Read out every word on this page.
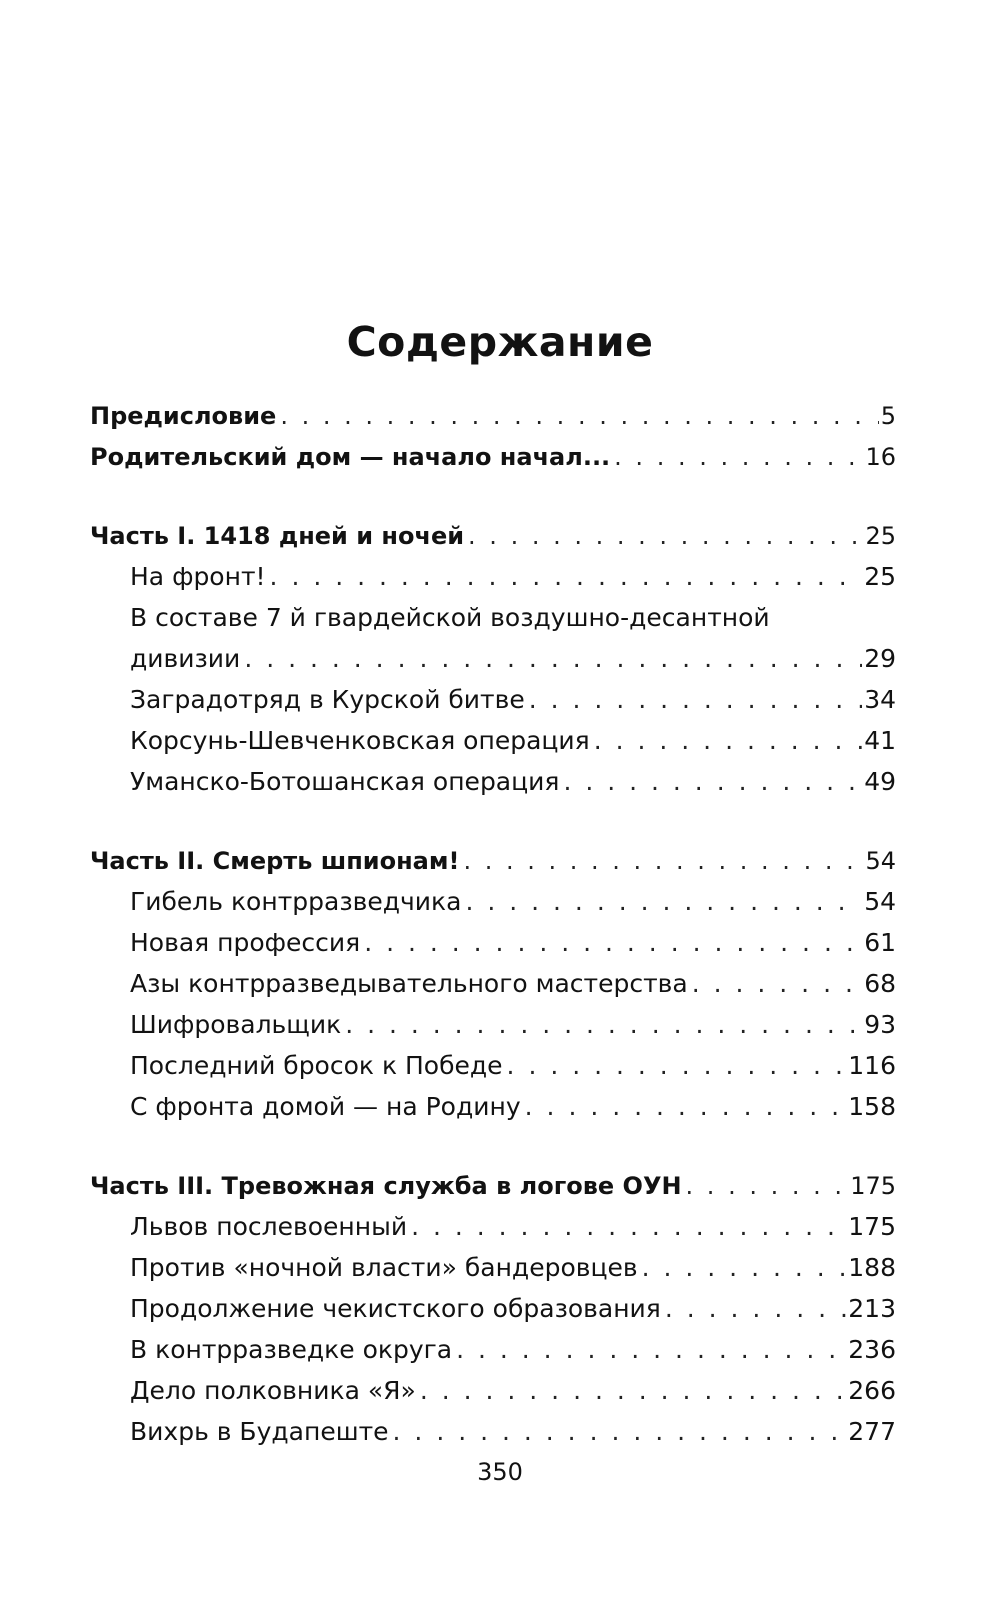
Содержание
Предисловие . . .	5
Родительский дом — начало начал... . . .	16
Часть I. 1418 дней и ночей . . .	25
На фронт! . . .	25
В составе 7 й гвардейской воздушно-десантной
дивизии . . .	29
Заградотряд в Курской битве . . .	34
Корсунь-Шевченковская операция . . .	41
Уманско-Ботошанская операция . . .	49
Часть II. Смерть шпионам! . . .	54
Гибель контрразведчика . . .	54
Новая профессия . . .	61
Азы контрразведывательного мастерства . . .	68
Шифровальщик . . .	93
Последний бросок к Победе . . .	116
С фронта домой — на Родину . . .	158
Часть III. Тревожная служба в логове ОУН . . .	175
Львов послевоенный . . .	175
Против «ночной власти» бандеровцев . . .	188
Продолжение чекистского образования . . .	213
В контрразведке округа . . .	236
Дело полковника «Я» . . .	266
Вихрь в Будапеште . . .	277
350
